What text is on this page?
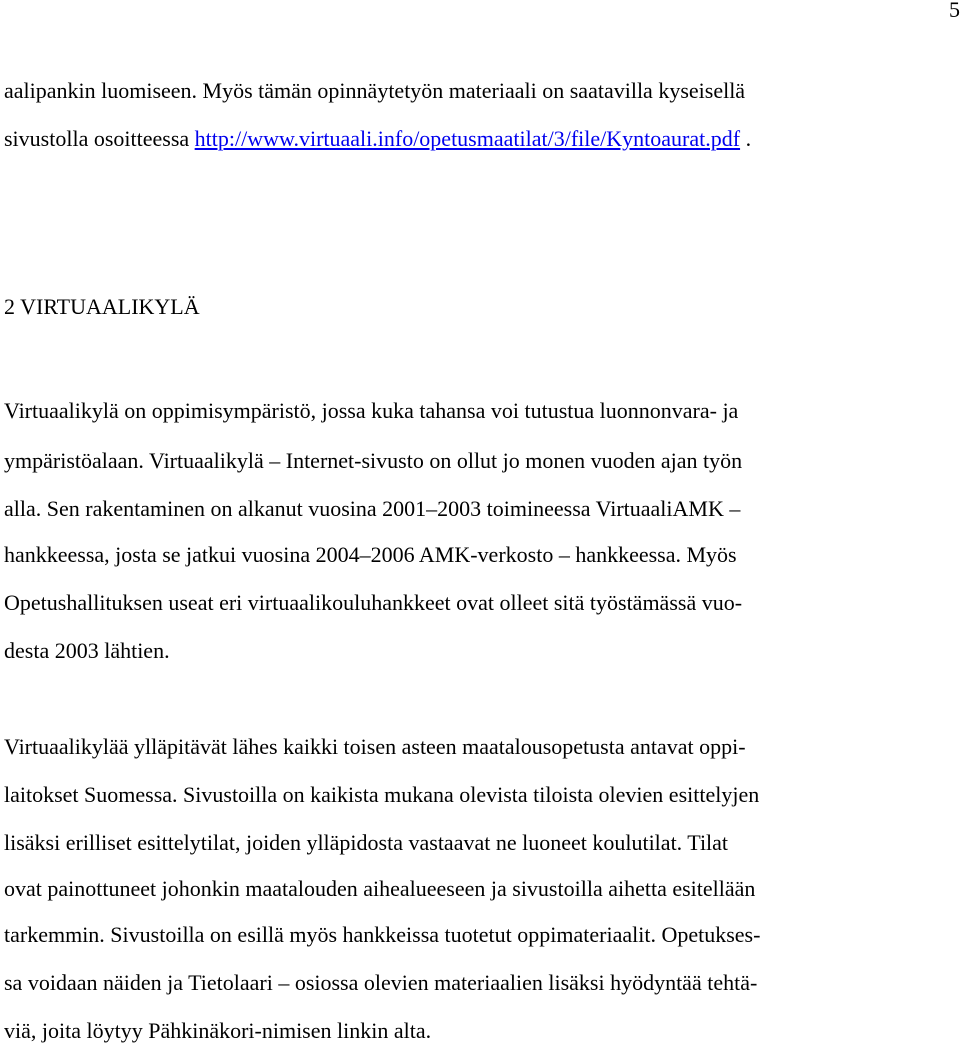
5
aalipankin luomiseen. Myös tämän opinnäytetyön materiaali on saatavilla kyseisellä
sivustolla osoitteessa http://www.virtuaali.info/opetusmaatilat/3/file/Kyntoaurat.pdf .
2 VIRTUAALIKYLÄ
Virtuaalikylä on oppimisympäristö, jossa kuka tahansa voi tutustua luonnonvara- ja
ympäristöalaan. Virtuaalikylä – Internet-sivusto on ollut jo monen vuoden ajan työn
alla. Sen rakentaminen on alkanut vuosina 2001–2003 toimineessa VirtuaaliAMK –
hankkeessa, josta se jatkui vuosina 2004–2006 AMK-verkosto – hankkeessa. Myös
Opetushallituksen useat eri virtuaalikouluhankkeet ovat olleet sitä työstämässä vuo-
desta 2003 lähtien.
Virtuaalikylää ylläpitävät lähes kaikki toisen asteen maatalousopetusta antavat oppi-
laitokset Suomessa. Sivustoilla on kaikista mukana olevista tiloista olevien esittelyjen
lisäksi erilliset esittelytilat, joiden ylläpidosta vastaavat ne luoneet koulutilat. Tilat
ovat painottuneet johonkin maatalouden aihealueeseen ja sivustoilla aihetta esitellään
tarkemmin. Sivustoilla on esillä myös hankkeissa tuotetut oppimateriaalit. Opetukses-
sa voidaan näiden ja Tietolaari – osiossa olevien materiaalien lisäksi hyödyntää tehtä-
viä, joita löytyy Pähkinäkori-nimisen linkin alta.
